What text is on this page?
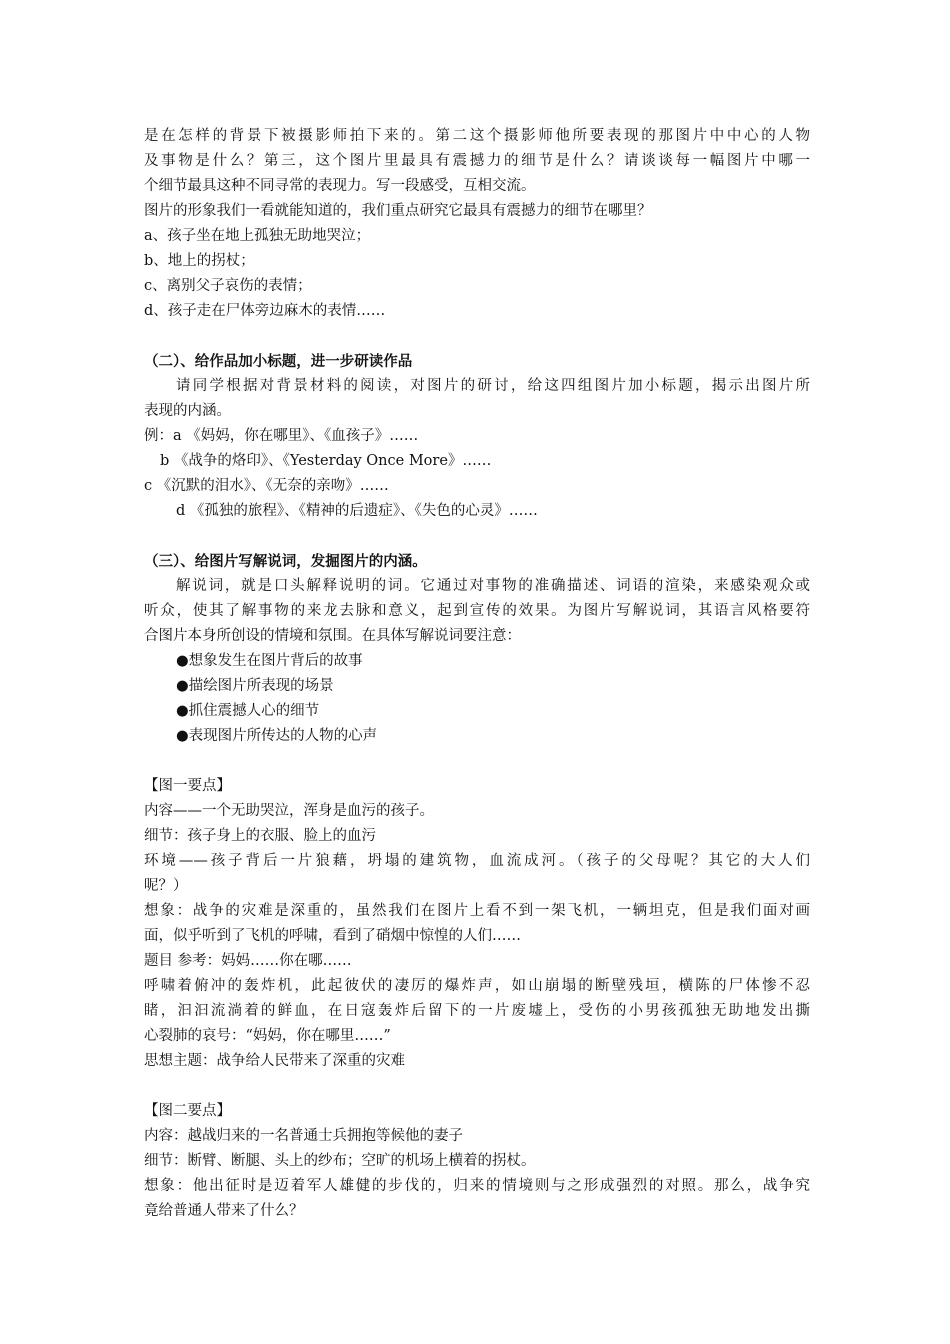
是在怎样的背景下被摄影师拍下来的。第二这个摄影师他所要表现的那图片中中心的人物
及事物是什么？第三，这个图片里最具有震撼力的细节是什么？请谈谈每一幅图片中哪一
个细节最具这种不同寻常的表现力。写一段感受，互相交流。
图片的形象我们一看就能知道的，我们重点研究它最具有震撼力的细节在哪里？
a、孩子坐在地上孤独无助地哭泣；
b、地上的拐杖；
c、离别父子哀伤的表情；
d、孩子走在尸体旁边麻木的表情……
（二）、给作品加小标题，进一步研读作品
请同学根据对背景材料的阅读，对图片的研讨，给这四组图片加小标题，揭示出图片所
表现的内涵。
例：a 《妈妈，你在哪里》、《血孩子》……
b 《战争的烙印》、《Yesterday Once More》……
c 《沉默的泪水》、《无奈的亲吻》……
d 《孤独的旅程》、《精神的后遗症》、《失色的心灵》……
（三）、给图片写解说词，发掘图片的内涵。
解说词，就是口头解释说明的词。它通过对事物的准确描述、词语的渲染，来感染观众或
听众，使其了解事物的来龙去脉和意义，起到宣传的效果。为图片写解说词，其语言风格要符
合图片本身所创设的情境和氛围。在具体写解说词要注意：
●想象发生在图片背后的故事
●描绘图片所表现的场景
●抓住震撼人心的细节
●表现图片所传达的人物的心声
【图一要点】
内容——一个无助哭泣，浑身是血污的孩子。
细节：孩子身上的衣服、脸上的血污
环境——孩子背后一片狼藉，坍塌的建筑物，血流成河。（孩子的父母呢？其它的大人们
呢？）
想象：战争的灾难是深重的，虽然我们在图片上看不到一架飞机，一辆坦克，但是我们面对画
面，似乎听到了飞机的呼啸，看到了硝烟中惊惶的人们……
题目 参考：妈妈……你在哪……
呼啸着俯冲的轰炸机，此起彼伏的凄厉的爆炸声，如山崩塌的断壁残垣，横陈的尸体惨不忍
睹，汩汩流淌着的鲜血，在日寇轰炸后留下的一片废墟上，受伤的小男孩孤独无助地发出撕
心裂肺的哀号：“妈妈，你在哪里……”
思想主题：战争给人民带来了深重的灾难
【图二要点】
内容：越战归来的一名普通士兵拥抱等候他的妻子
细节：断臂、断腿、头上的纱布；空旷的机场上横着的拐杖。
想象：他出征时是迈着军人雄健的步伐的，归来的情境则与之形成强烈的对照。那么，战争究
竟给普通人带来了什么？
